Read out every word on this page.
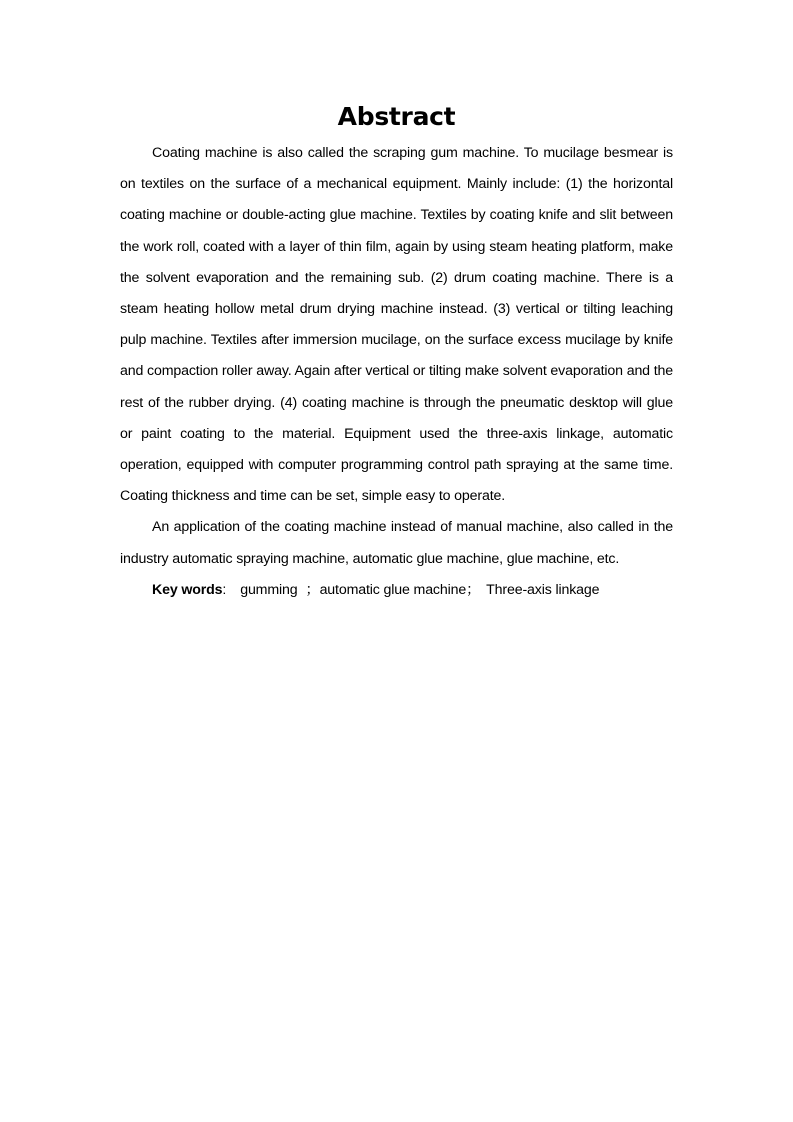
Abstract

Coating machine is also called the scraping gum machine. To mucilage besmear is on textiles on the surface of a mechanical equipment. Mainly include: (1) the horizontal coating machine or double-acting glue machine. Textiles by coating knife and slit between the work roll, coated with a layer of thin film, again by using steam heating platform, make the solvent evaporation and the remaining sub. (2) drum coating machine. There is a steam heating hollow metal drum drying machine instead. (3) vertical or tilting leaching pulp machine. Textiles after immersion mucilage, on the surface excess mucilage by knife and compaction roller away. Again after vertical or tilting make solvent evaporation and the rest of the rubber drying. (4) coating machine is through the pneumatic desktop will glue or paint coating to the material. Equipment used the three-axis linkage, automatic operation, equipped with computer programming control path spraying at the same time. Coating thickness and time can be set, simple easy to operate.

An application of the coating machine instead of manual machine, also called in the industry automatic spraying machine, automatic glue machine, glue machine, etc.

Key words: gumming ；automatic glue machine； Three-axis linkage
